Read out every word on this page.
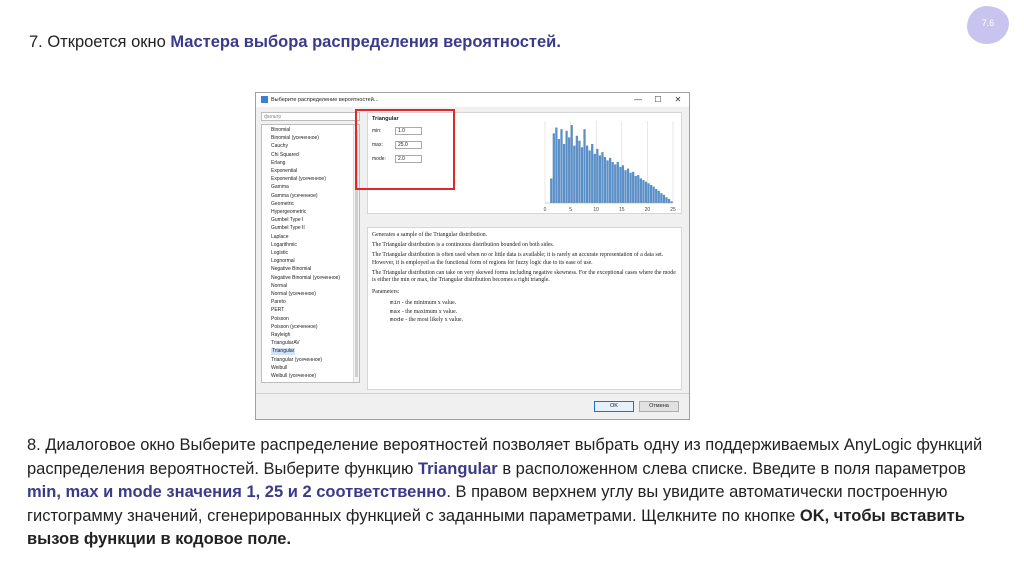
7.6
7. Откроется окно Мастера выбора распределения вероятностей.
Выберите распределение вероятностей...	—	☐	✕
фильтр
Binomial
Binomial (усеченное)
Cauchy
Chi Squared
Erlang
Exponential
Exponential (усеченное)
Gamma
Gamma (усеченное)
Geometric
Hypergeometric
Gumbel Type I
Gumbel Type II
Laplace
Logarithmic
Logistic
Lognormal
Negative Binomial
Negative Binomial (усеченное)
Normal
Normal (усеченное)
Pareto
PERT
Poisson
Poisson (усеченное)
Rayleigh
TriangularAV
Triangular
Triangular (усеченное)
Weibull
Weibull (усеченное)
Triangular
min:	1.0
max:	25.0
mode:	2.0
0	5	10	15	20	25

Generates a sample of the Triangular distribution.

The Triangular distribution is a continuous distribution bounded on both sides.

The Triangular distribution is often used when no or little data is available; it is rarely an accurate representation of a data set. However, it is employed as the functional form of regions for fuzzy logic due to its ease of use.

The Triangular distribution can take on very skewed forms including negative skewness. For the exceptional cases where the mode is either the min or max, the Triangular distribution becomes a right triangle.

Parameters:

min - the minimum x value.

max - the maximum x value.

mode - the most likely x value.

OK	Отмена
8. Диалоговое окно Выберите распределение вероятностей позволяет выбрать одну из поддерживаемых AnyLogic функций распределения вероятностей. Выберите функцию Triangular в расположенном слева списке. Введите в поля параметров min, max и mode значения 1, 25 и 2 соответственно. В правом верхнем углу вы увидите автоматически построенную гистограмму значений, сгенерированных функцией с заданными параметрами. Щелкните по кнопке OK, чтобы вставить вызов функции в кодовое поле.
